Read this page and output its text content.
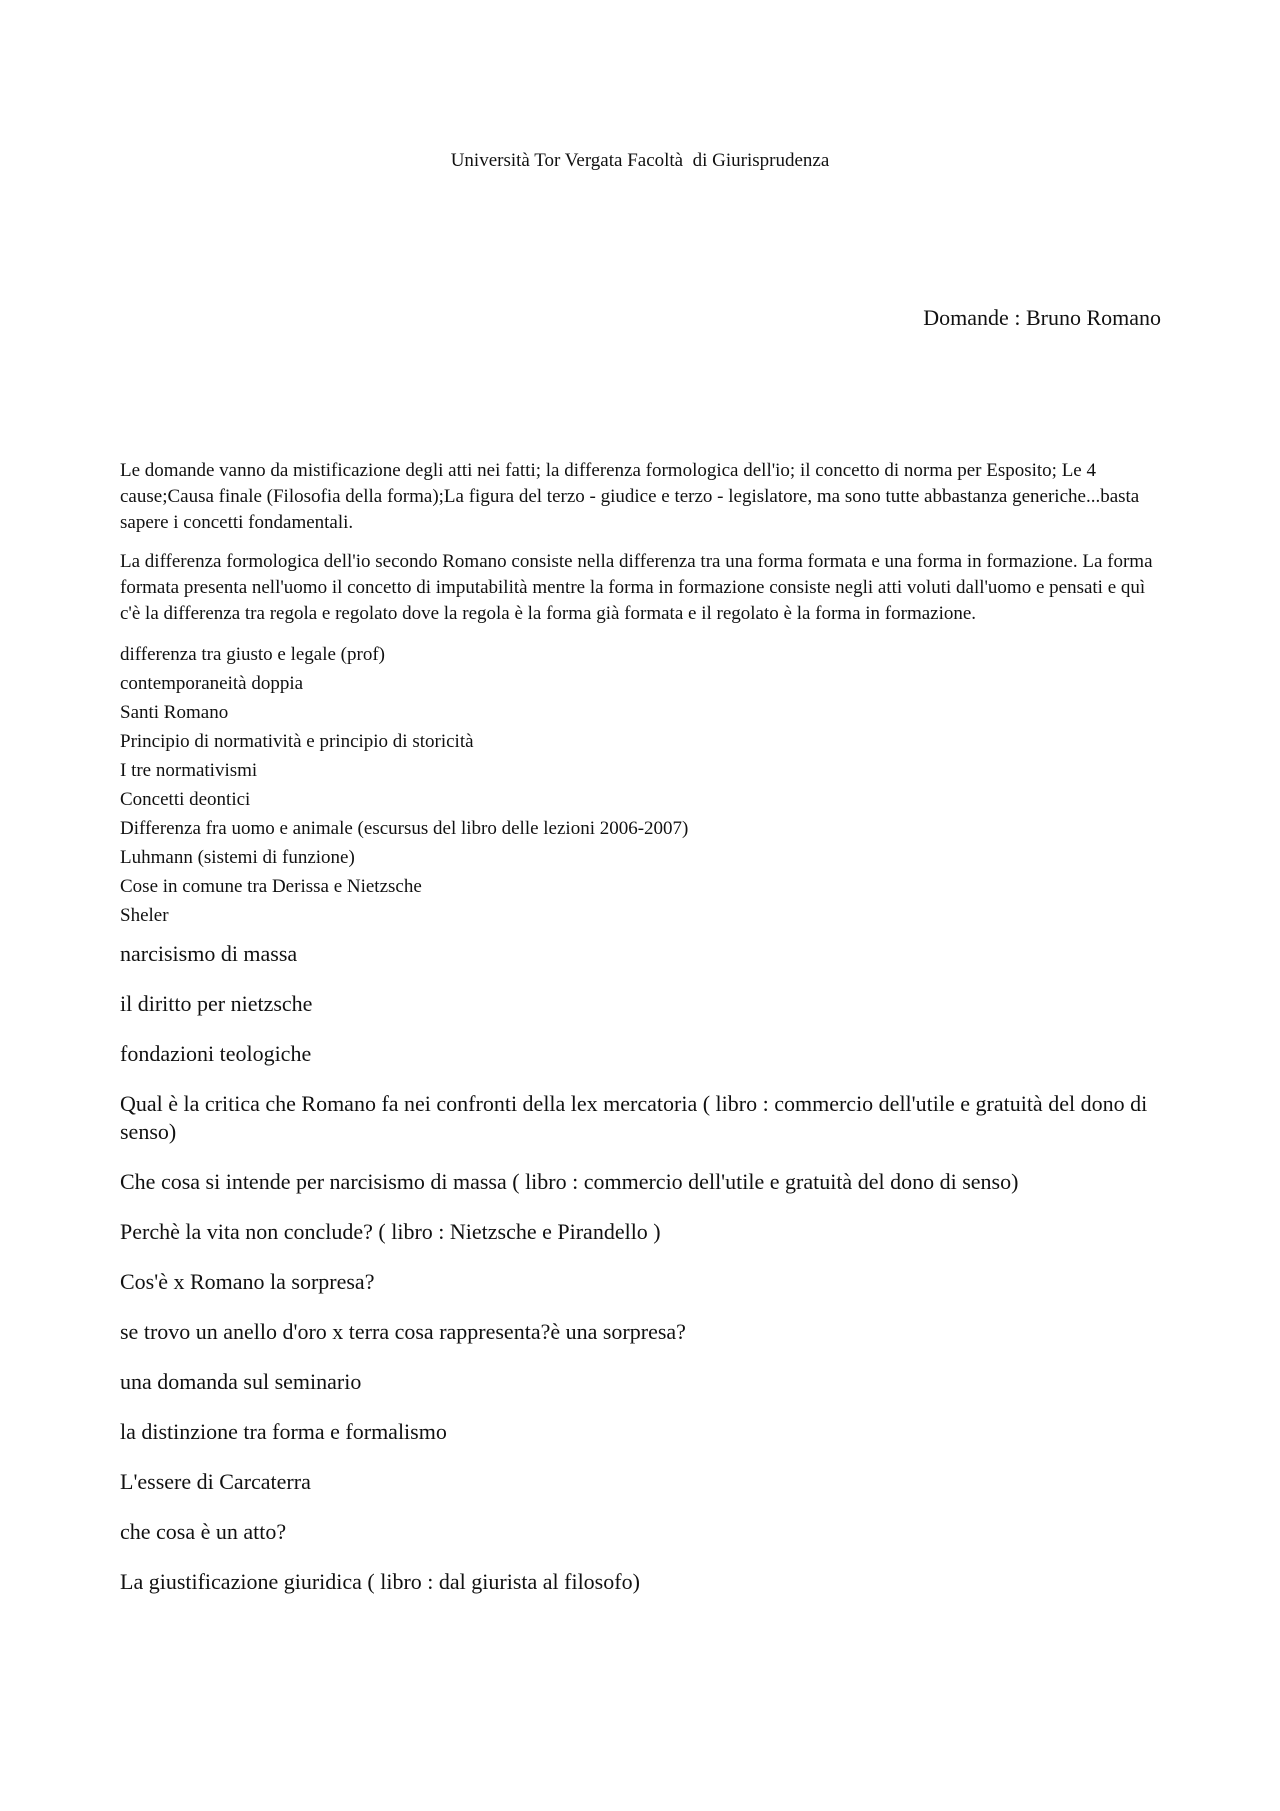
Università Tor Vergata Facoltà  di Giurisprudenza
Domande : Bruno Romano

Le domande vanno da mistificazione degli atti nei fatti; la differenza formologica dell'io; il concetto di norma per Esposito; Le 4 cause;Causa finale (Filosofia della forma);La figura del terzo - giudice e terzo - legislatore, ma sono tutte abbastanza generiche...basta sapere i concetti fondamentali.

La differenza formologica dell'io secondo Romano consiste nella differenza tra una forma formata e una forma in formazione. La forma formata presenta nell'uomo il concetto di imputabilità mentre la forma in formazione consiste negli atti voluti dall'uomo e pensati e quì c'è la differenza tra regola e regolato dove la regola è la forma già formata e il regolato è la forma in formazione.

differenza tra giusto e legale (prof)
contemporaneità doppia
Santi Romano
Principio di normatività e principio di storicità
I tre normativismi
Concetti deontici
Differenza fra uomo e animale (escursus del libro delle lezioni 2006-2007)
Luhmann (sistemi di funzione)
Cose in comune tra Derissa e Nietzsche
Sheler
narcisismo di massa
il diritto per nietzsche
fondazioni teologiche
Qual è la critica che Romano fa nei confronti della lex mercatoria ( libro : commercio dell'utile e gratuità del dono di senso)
Che cosa si intende per narcisismo di massa ( libro : commercio dell'utile e gratuità del dono di senso)
Perchè la vita non conclude? ( libro : Nietzsche e Pirandello )
Cos'è x Romano la sorpresa?
se trovo un anello d'oro x terra cosa rappresenta?è una sorpresa?
una domanda sul seminario
la distinzione tra forma e formalismo
L'essere di Carcaterra
che cosa è un atto?
La giustificazione giuridica ( libro : dal giurista al filosofo)
